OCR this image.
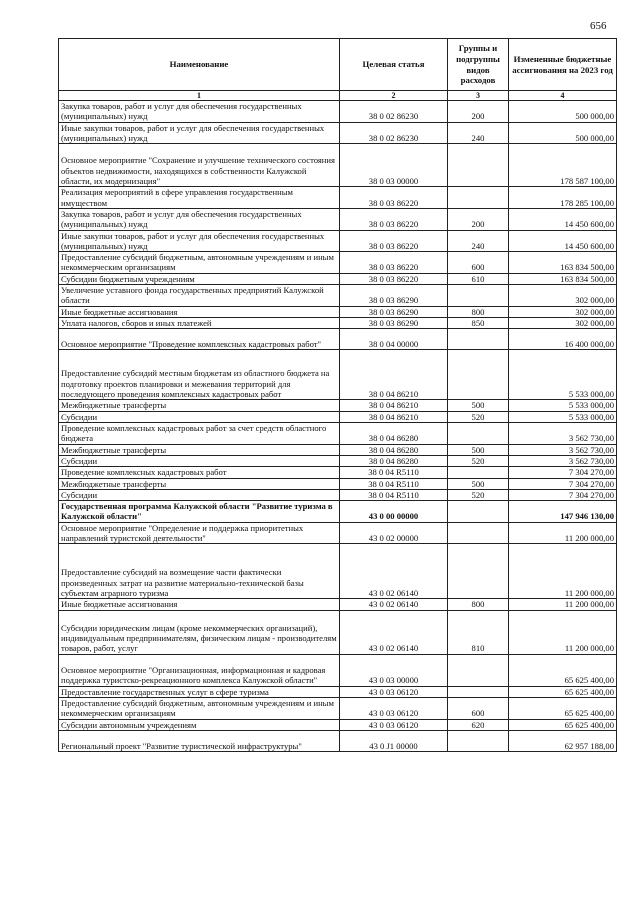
656
Наименование	Целевая статья	Группы и подгруппы видов расходов	Измененные бюджетные ассигнования на 2023 год
1	2	3	4
Закупка товаров, работ и услуг для обеспечения государственных (муниципальных) нужд	38 0 02 86230	200	500 000,00
Иные закупки товаров, работ и услуг для обеспечения государственных (муниципальных) нужд	38 0 02 86230	240	500 000,00
Основное мероприятие "Сохранение и улучшение технического состояния объектов недвижимости, находящихся в собственности Калужской области, их модернизация"	38 0 03 00000		178 587 100,00
Реализация мероприятий в сфере управления государственным имуществом	38 0 03 86220		178 285 100,00
Закупка товаров, работ и услуг для обеспечения государственных (муниципальных) нужд	38 0 03 86220	200	14 450 600,00
Иные закупки товаров, работ и услуг для обеспечения государственных (муниципальных) нужд	38 0 03 86220	240	14 450 600,00
Предоставление субсидий бюджетным, автономным учреждениям и иным некоммерческим организациям	38 0 03 86220	600	163 834 500,00
Субсидии бюджетным учреждениям	38 0 03 86220	610	163 834 500,00
Увеличение уставного фонда государственных предприятий Калужской области	38 0 03 86290		302 000,00
Иные бюджетные ассигнования	38 0 03 86290	800	302 000,00
Уплата налогов, сборов и иных платежей	38 0 03 86290	850	302 000,00
Основное мероприятие "Проведение комплексных кадастровых работ"	38 0 04 00000		16 400 000,00
Предоставление субсидий местным бюджетам из областного бюджета на подготовку проектов планировки и межевания территорий для последующего проведения комплексных кадастровых работ	38 0 04 86210		5 533 000,00
Межбюджетные трансферты	38 0 04 86210	500	5 533 000,00
Субсидии	38 0 04 86210	520	5 533 000,00
Проведение комплексных кадастровых работ за счет средств областного бюджета	38 0 04 86280		3 562 730,00
Межбюджетные трансферты	38 0 04 86280	500	3 562 730,00
Субсидии	38 0 04 86280	520	3 562 730,00
Проведение комплексных кадастровых работ	38 0 04 R5110		7 304 270,00
Межбюджетные трансферты	38 0 04 R5110	500	7 304 270,00
Субсидии	38 0 04 R5110	520	7 304 270,00
Государственная программа Калужской области "Развитие туризма в Калужской области"	43 0 00 00000		147 946 130,00
Основное мероприятие "Определение и поддержка приоритетных направлений туристской деятельности"	43 0 02 00000		11 200 000,00
Предоставление субсидий на возмещение части фактически произведенных затрат на развитие материально-технической базы субъектам аграрного туризма	43 0 02 06140		11 200 000,00
Иные бюджетные ассигнования	43 0 02 06140	800	11 200 000,00
Субсидии юридическим лицам (кроме некоммерческих организаций), индивидуальным предпринимателям, физическим лицам - производителям товаров, работ, услуг	43 0 02 06140	810	11 200 000,00
Основное мероприятие "Организационная, информационная и кадровая поддержка туристско-рекреационного комплекса Калужской области"	43 0 03 00000		65 625 400,00
Предоставление государственных услуг в сфере туризма	43 0 03 06120		65 625 400,00
Предоставление субсидий бюджетным, автономным учреждениям и иным некоммерческим организациям	43 0 03 06120	600	65 625 400,00
Субсидии автономным учреждениям	43 0 03 06120	620	65 625 400,00
Региональный проект "Развитие туристической инфраструктуры"	43 0 J1 00000		62 957 188,00
